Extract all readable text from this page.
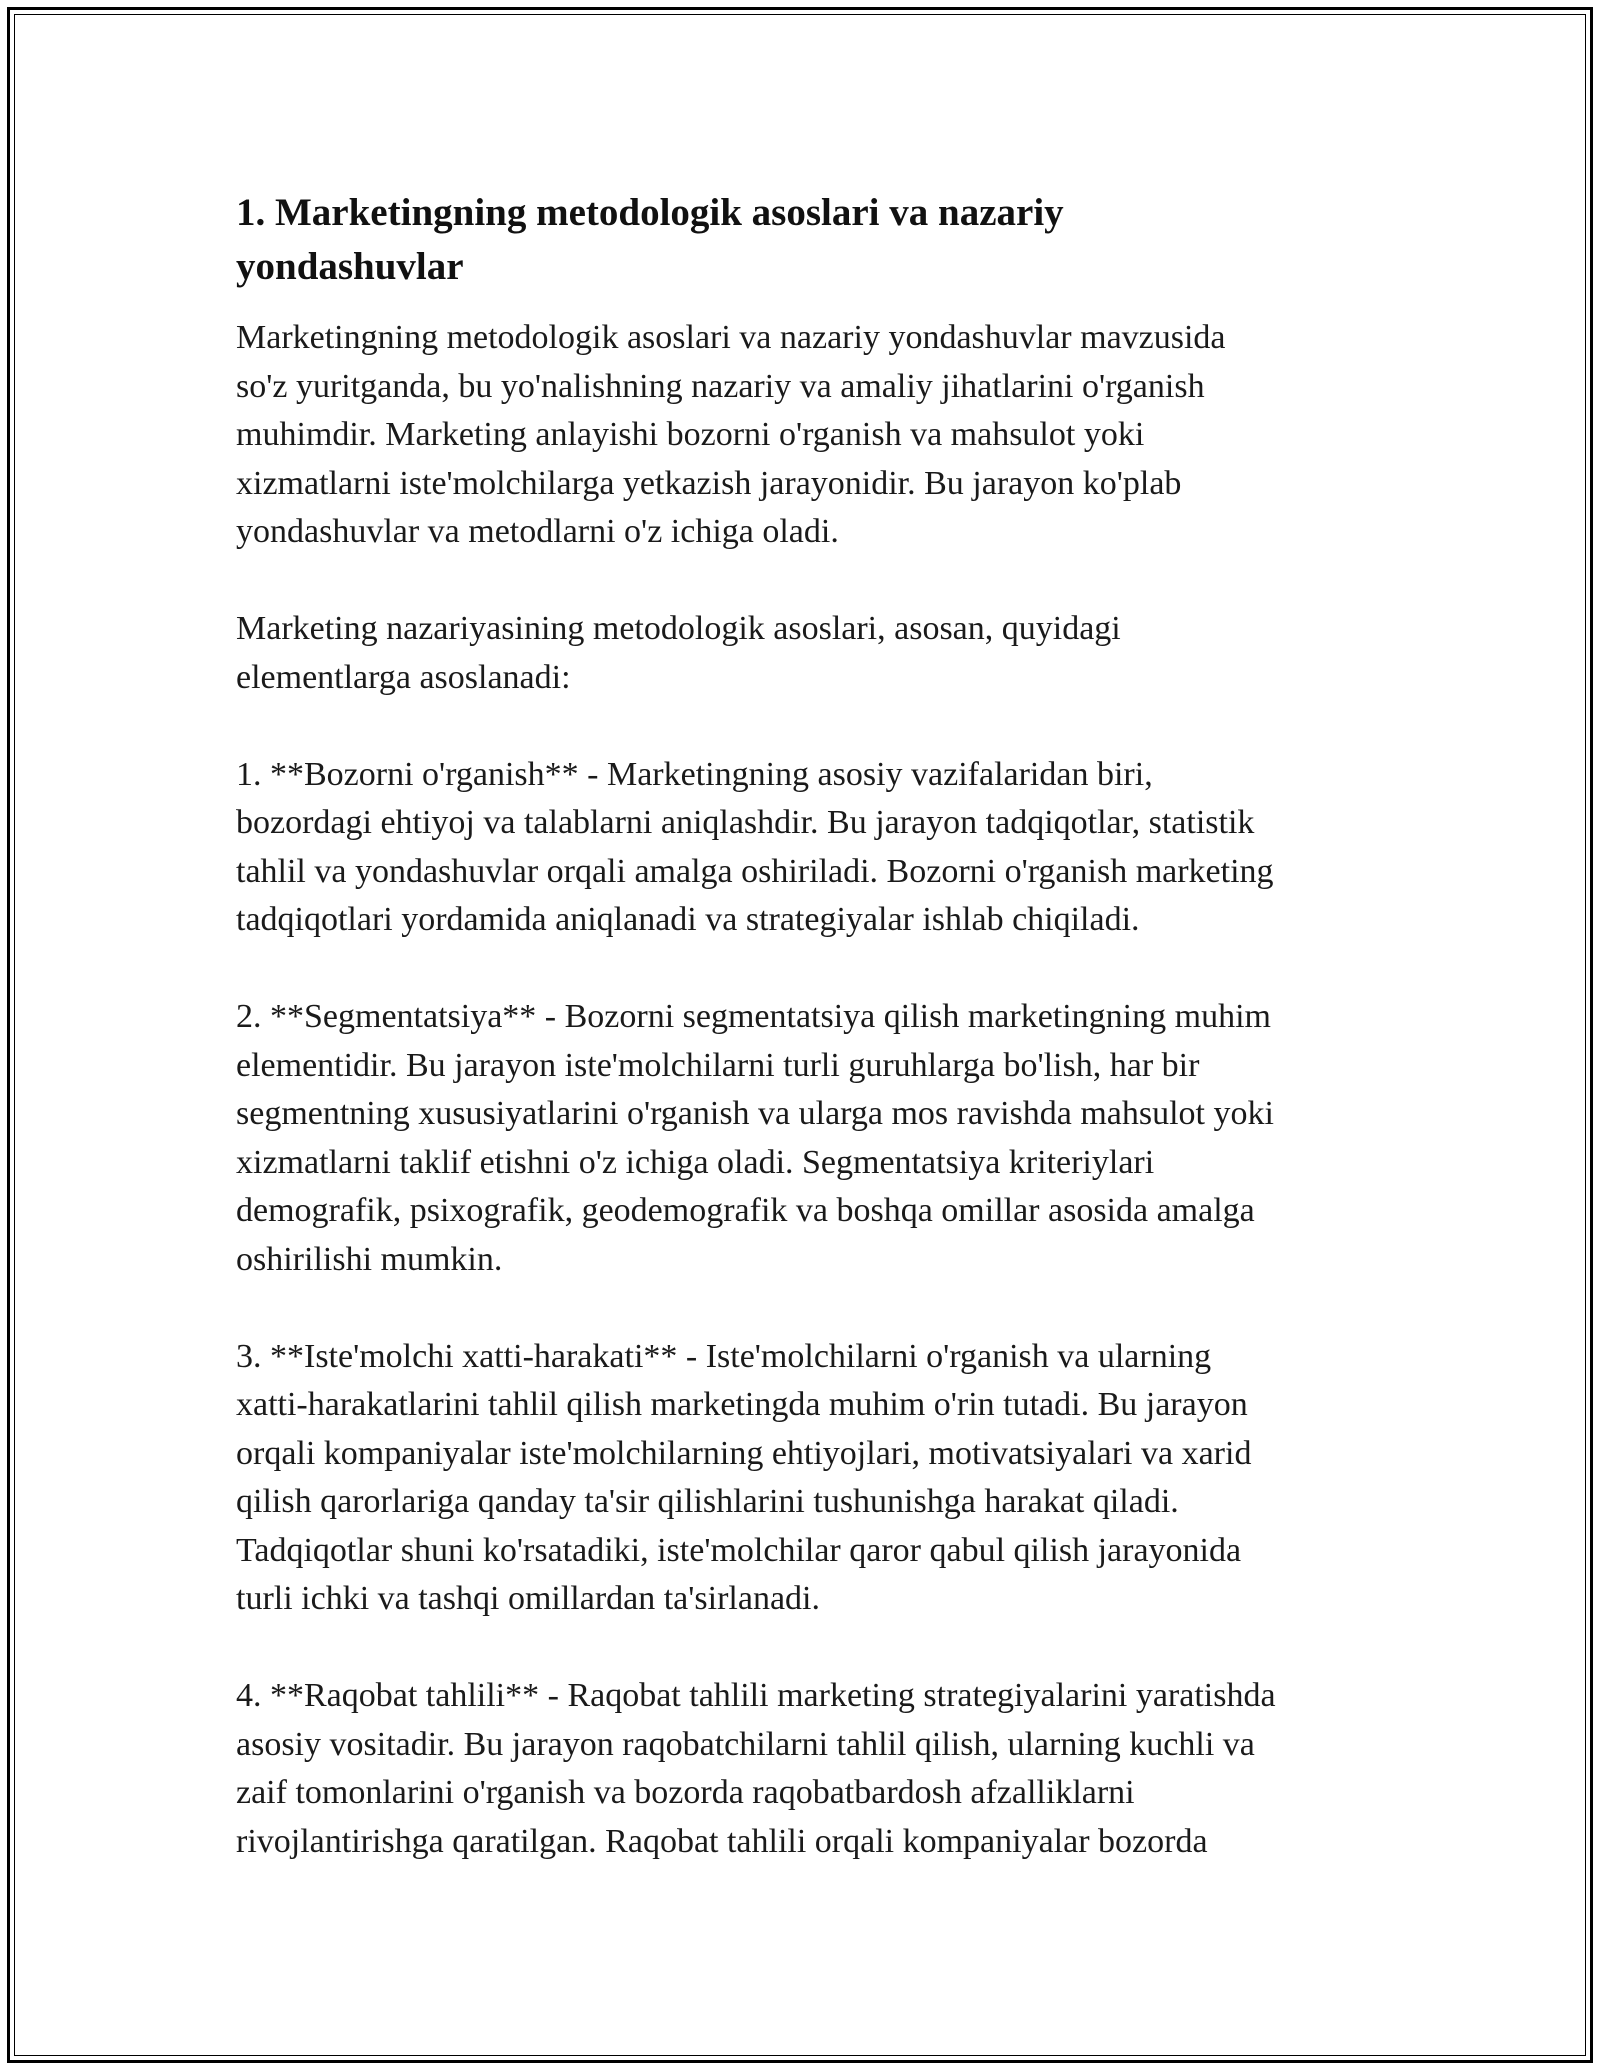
1. Marketingning metodologik asoslari va nazariy
yondashuvlar

Marketingning metodologik asoslari va nazariy yondashuvlar mavzusida
so'z yuritganda, bu yo'nalishning nazariy va amaliy jihatlarini o'rganish
muhimdir. Marketing anlayishi bozorni o'rganish va mahsulot yoki
xizmatlarni iste'molchilarga yetkazish jarayonidir. Bu jarayon ko'plab
yondashuvlar va metodlarni o'z ichiga oladi.

Marketing nazariyasining metodologik asoslari, asosan, quyidagi
elementlarga asoslanadi:

1. **Bozorni o'rganish** - Marketingning asosiy vazifalaridan biri,
bozordagi ehtiyoj va talablarni aniqlashdir. Bu jarayon tadqiqotlar, statistik
tahlil va yondashuvlar orqali amalga oshiriladi. Bozorni o'rganish marketing
tadqiqotlari yordamida aniqlanadi va strategiyalar ishlab chiqiladi.

2. **Segmentatsiya** - Bozorni segmentatsiya qilish marketingning muhim
elementidir. Bu jarayon iste'molchilarni turli guruhlarga bo'lish, har bir
segmentning xususiyatlarini o'rganish va ularga mos ravishda mahsulot yoki
xizmatlarni taklif etishni o'z ichiga oladi. Segmentatsiya kriteriylari
demografik, psixografik, geodemografik va boshqa omillar asosida amalga
oshirilishi mumkin.

3. **Iste'molchi xatti-harakati** - Iste'molchilarni o'rganish va ularning
xatti-harakatlarini tahlil qilish marketingda muhim o'rin tutadi. Bu jarayon
orqali kompaniyalar iste'molchilarning ehtiyojlari, motivatsiyalari va xarid
qilish qarorlariga qanday ta'sir qilishlarini tushunishga harakat qiladi.
Tadqiqotlar shuni ko'rsatadiki, iste'molchilar qaror qabul qilish jarayonida
turli ichki va tashqi omillardan ta'sirlanadi.

4. **Raqobat tahlili** - Raqobat tahlili marketing strategiyalarini yaratishda
asosiy vositadir. Bu jarayon raqobatchilarni tahlil qilish, ularning kuchli va
zaif tomonlarini o'rganish va bozorda raqobatbardosh afzalliklarni
rivojlantirishga qaratilgan. Raqobat tahlili orqali kompaniyalar bozorda
